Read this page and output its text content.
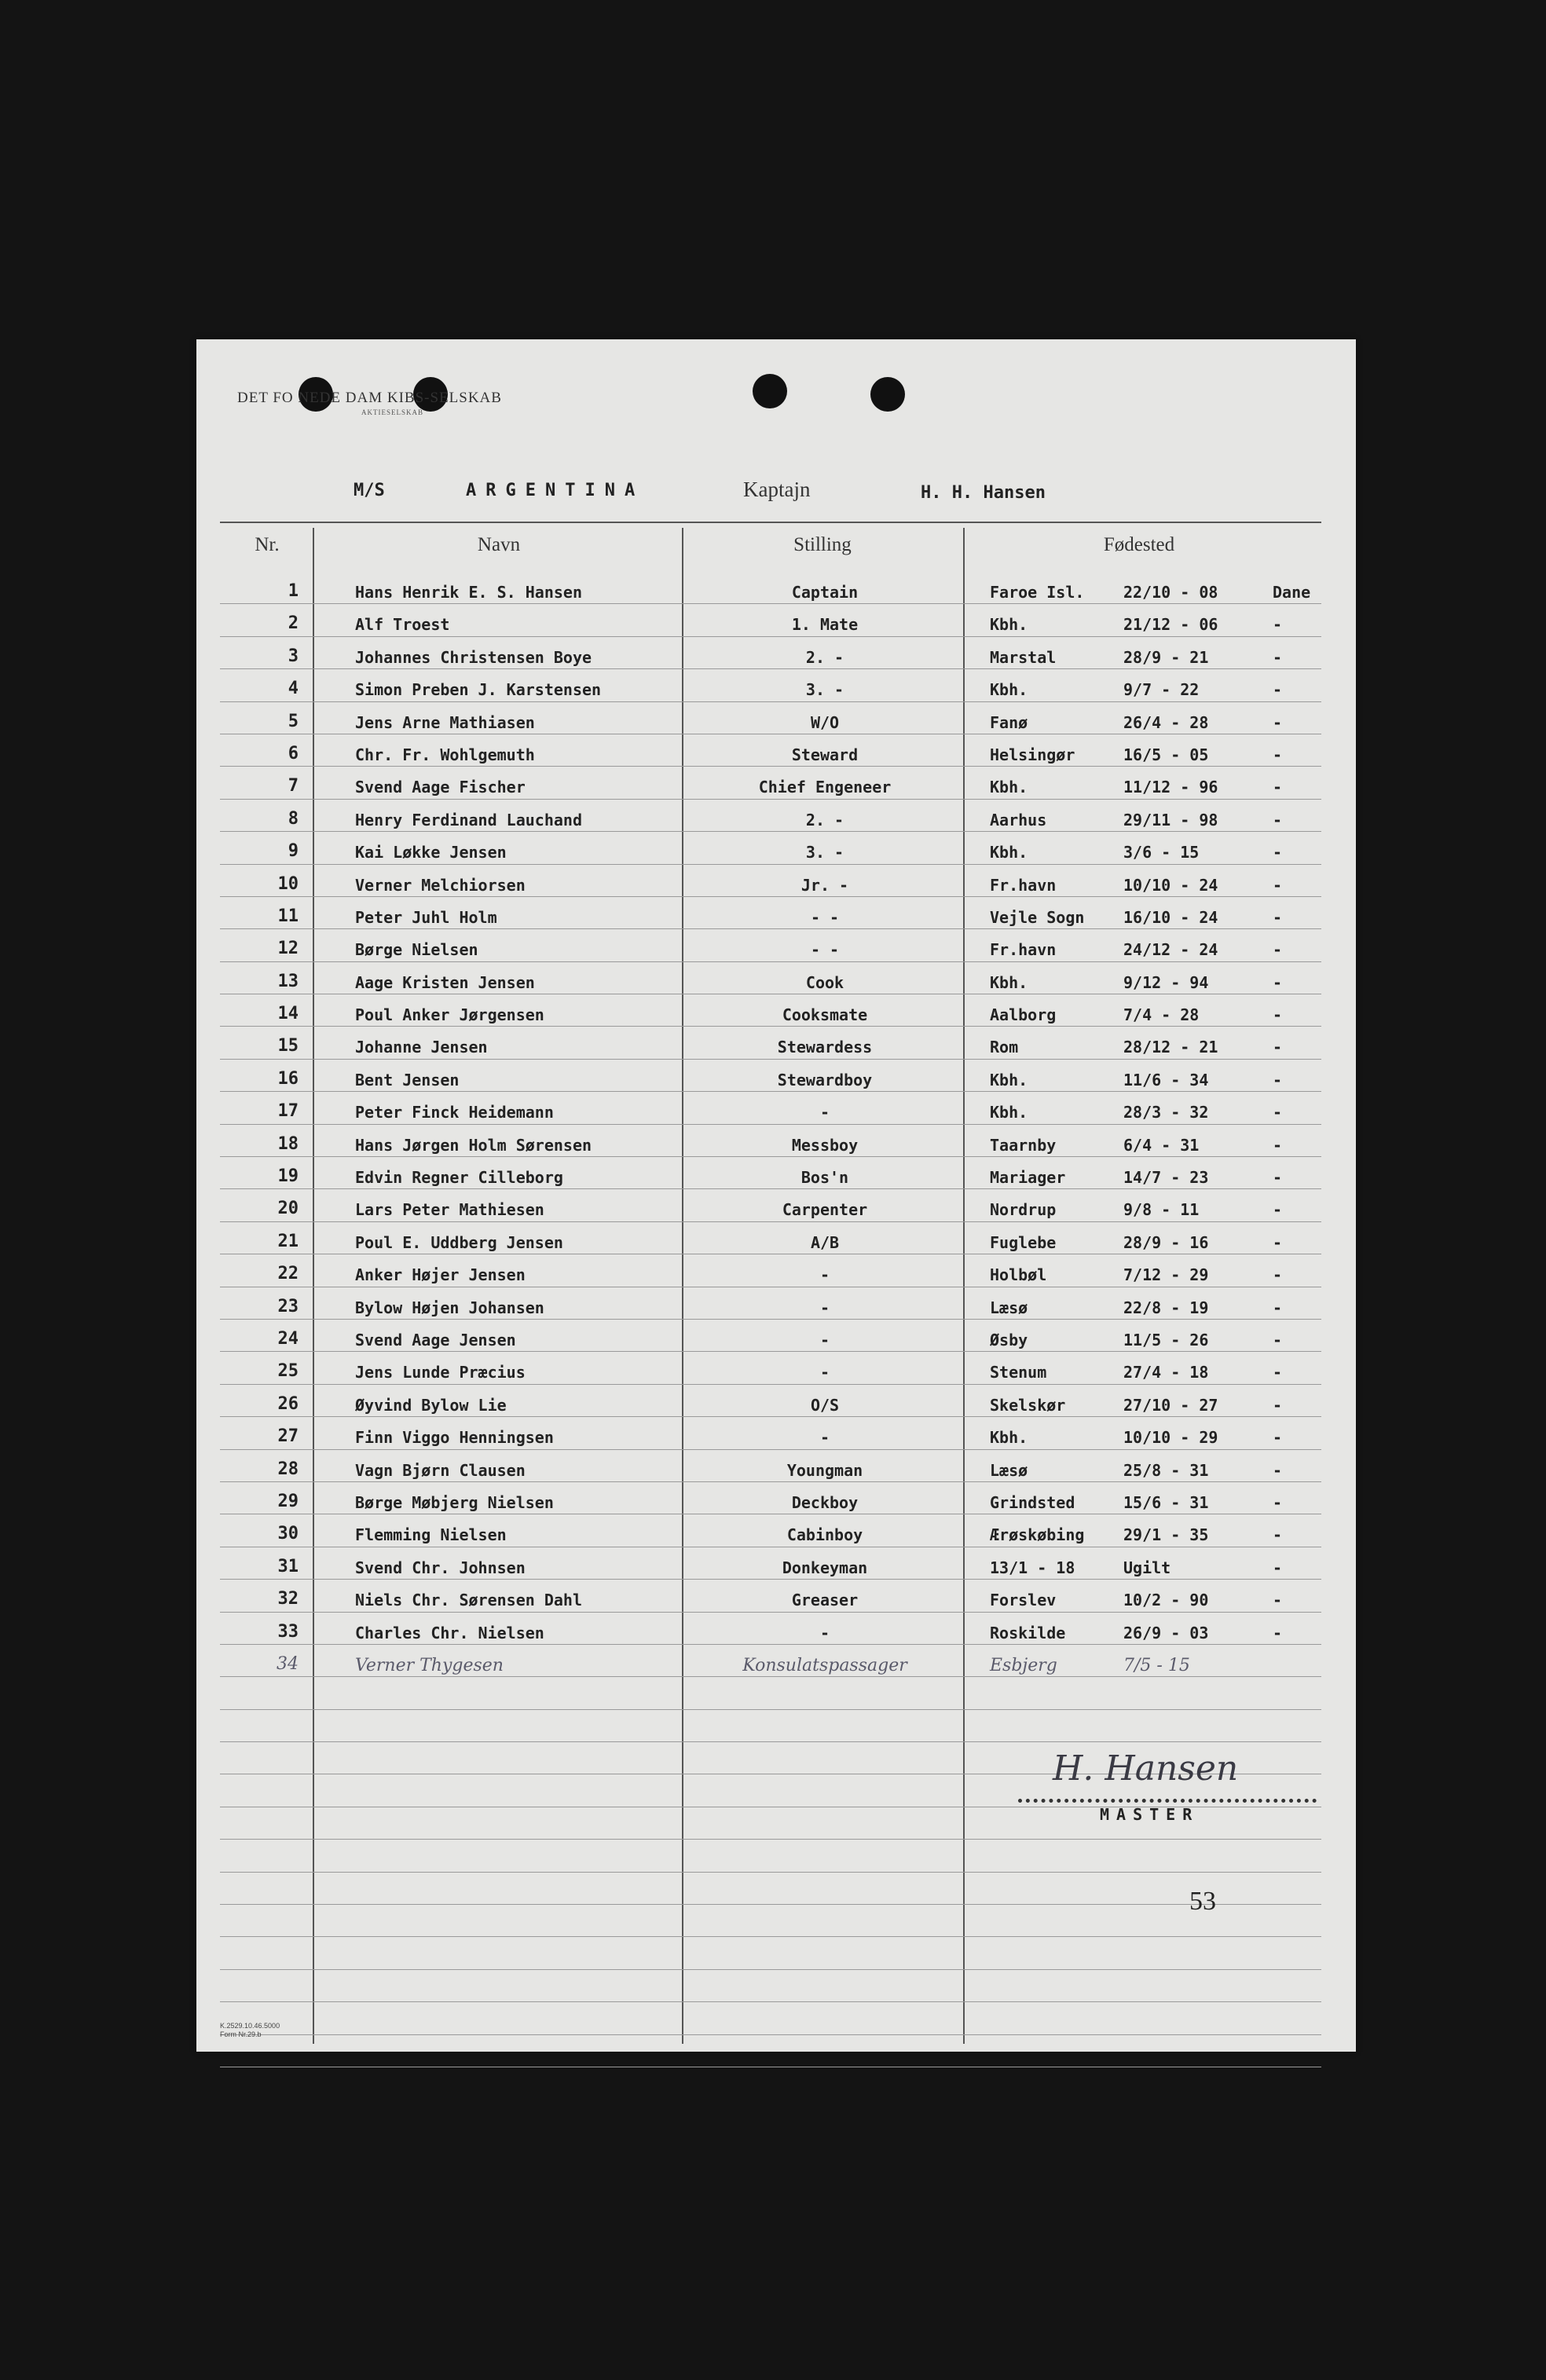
DET FO NEDE DAM KIBS-SELSKAB
AKTIESELSKAB
M/S	ARGENTINA	Kaptajn	H. H. Hansen
Nr.	Navn	Stilling	Fødested
1	Hans Henrik E. S. Hansen	Captain	Faroe Isl.	22/10 - 08	Dane
2	Alf Troest	1. Mate	Kbh.	21/12 - 06	-
3	Johannes Christensen Boye	2. -	Marstal	28/9 - 21	-
4	Simon Preben J. Karstensen	3. -	Kbh.	9/7 - 22	-
5	Jens Arne Mathiasen	W/O	Fanø	26/4 - 28	-
6	Chr. Fr. Wohlgemuth	Steward	Helsingør	16/5 - 05	-
7	Svend Aage Fischer	Chief Engeneer	Kbh.	11/12 - 96	-
8	Henry Ferdinand Lauchand	2. -	Aarhus	29/11 - 98	-
9	Kai Løkke Jensen	3. -	Kbh.	3/6 - 15	-
10	Verner Melchiorsen	Jr. -	Fr.havn	10/10 - 24	-
11	Peter Juhl Holm	- -	Vejle Sogn	16/10 - 24	-
12	Børge Nielsen	- -	Fr.havn	24/12 - 24	-
13	Aage Kristen Jensen	Cook	Kbh.	9/12 - 94	-
14	Poul Anker Jørgensen	Cooksmate	Aalborg	7/4 - 28	-
15	Johanne Jensen	Stewardess	Rom	28/12 - 21	-
16	Bent Jensen	Stewardboy	Kbh.	11/6 - 34	-
17	Peter Finck Heidemann	-	Kbh.	28/3 - 32	-
18	Hans Jørgen Holm Sørensen	Messboy	Taarnby	6/4 - 31	-
19	Edvin Regner Cilleborg	Bos'n	Mariager	14/7 - 23	-
20	Lars Peter Mathiesen	Carpenter	Nordrup	9/8 - 11	-
21	Poul E. Uddberg Jensen	A/B	Fuglebe	28/9 - 16	-
22	Anker Højer Jensen	-	Holbøl	7/12 - 29	-
23	Bylow Højen Johansen	-	Læsø	22/8 - 19	-
24	Svend Aage Jensen	-	Øsby	11/5 - 26	-
25	Jens Lunde Præcius	-	Stenum	27/4 - 18	-
26	Øyvind Bylow Lie	O/S	Skelskør	27/10 - 27	-
27	Finn Viggo Henningsen	-	Kbh.	10/10 - 29	-
28	Vagn Bjørn Clausen	Youngman	Læsø	25/8 - 31	-
29	Børge Møbjerg Nielsen	Deckboy	Grindsted	15/6 - 31	-
30	Flemming Nielsen	Cabinboy	Ærøskøbing	29/1 - 35	-
31	Svend Chr. Johnsen	Donkeyman	13/1 - 18	Ugilt	-
32	Niels Chr. Sørensen Dahl	Greaser	Forslev	10/2 - 90	-
33	Charles Chr. Nielsen	-	Roskilde	26/9 - 03	-
34	Verner Thygesen	Konsulatspassager	Esbjerg	7/5 - 15
H. Hansen
MASTER
53
K.2529.10.46.5000
Form Nr.29.b
